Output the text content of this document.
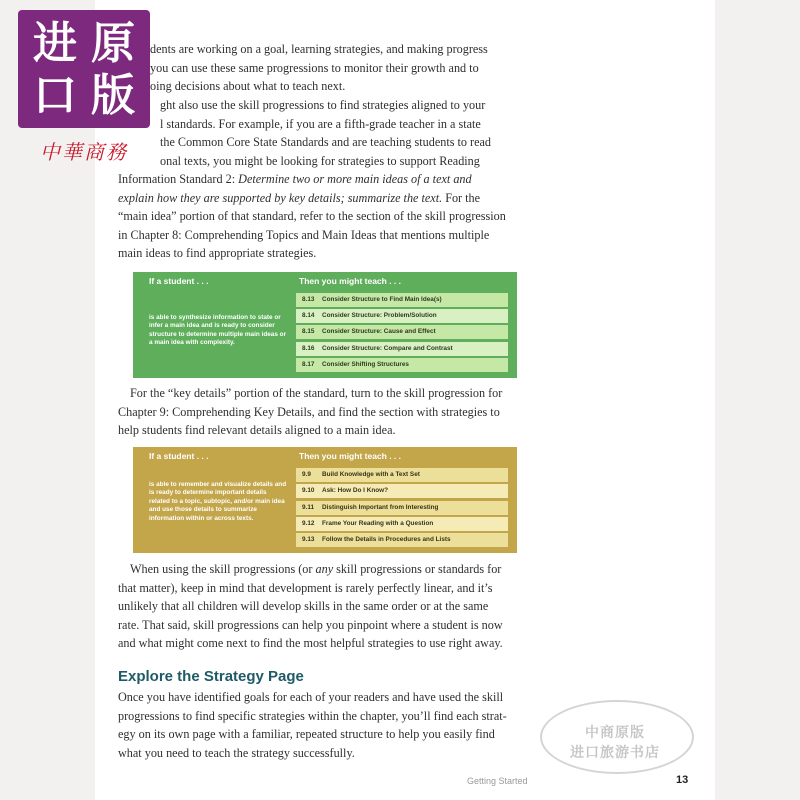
进 原
口 版
中華商務
dents are working on a goal, learning strategies, and making progress
you can use these same progressions to monitor their growth and to
oing decisions about what to teach next.
ght also use the skill progressions to find strategies aligned to your
l standards. For example, if you are a fifth-grade teacher in a state
the Common Core State Standards and are teaching students to read
onal texts, you might be looking for strategies to support Reading
Information Standard 2: Determine two or more main ideas of a text and
explain how they are supported by key details; summarize the text. For the
“main idea” portion of that standard, refer to the section of the skill progression
in Chapter 8: Comprehending Topics and Main Ideas that mentions multiple
main ideas to find appropriate strategies.
If a student . . .	Then you might teach . . .
is able to synthesize information to state or infer a main idea and is ready to consider structure to determine multiple main ideas or a main idea with complexity.
8.13 Consider Structure to Find Main Idea(s)
8.14 Consider Structure: Problem/Solution
8.15 Consider Structure: Cause and Effect
8.16 Consider Structure: Compare and Contrast
8.17 Consider Shifting Structures
For the “key details” portion of the standard, turn to the skill progression for
Chapter 9: Comprehending Key Details, and find the section with strategies to
help students find relevant details aligned to a main idea.
If a student . . .	Then you might teach . . .
is able to remember and visualize details and is ready to determine important details related to a topic, subtopic, and/or main idea and use those details to summarize information within or across texts.
9.9 Build Knowledge with a Text Set
9.10 Ask: How Do I Know?
9.11 Distinguish Important from Interesting
9.12 Frame Your Reading with a Question
9.13 Follow the Details in Procedures and Lists
When using the skill progressions (or any skill progressions or standards for
that matter), keep in mind that development is rarely perfectly linear, and it’s
unlikely that all children will develop skills in the same order or at the same
rate. That said, skill progressions can help you pinpoint where a student is now
and what might come next to find the most helpful strategies to use right away.
Explore the Strategy Page
Once you have identified goals for each of your readers and have used the skill
progressions to find specific strategies within the chapter, you’ll find each strat-
egy on its own page with a familiar, repeated structure to help you easily find
what you need to teach the strategy successfully.
中商原版
进口旅游书店
Getting Started	13
